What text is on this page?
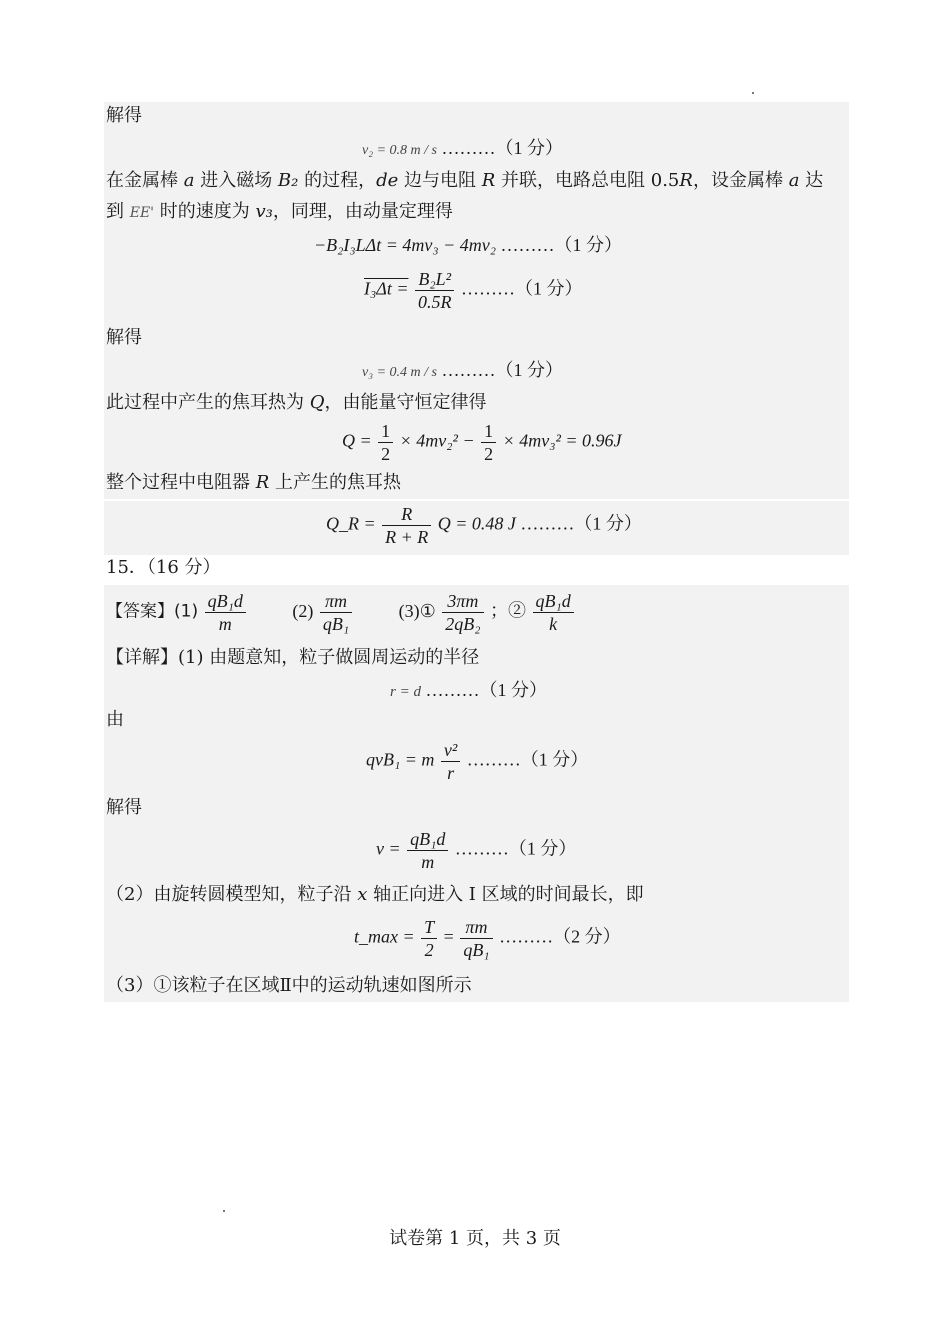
解得
v₂ = 0.8 m / s ………（1 分）
在金属棒 a 进入磁场 B₂ 的过程，de 边与电阻 R 并联，电路总电阻 0.5R，设金属棒 a 达
到 EE' 时的速度为 v₃，同理，由动量定理得
−B₂I₃LΔt = 4mv₃ − 4mv₂ ………（1 分）
$I_3\Delta t = \frac{\text{B₂L²}}{0.5R}$ ………（1 分）
解得
v₃ = 0.4 m / s ………（1 分）
此过程中产生的焦耳热为 Q，由能量守恒定律得
$Q = \frac{1}{2} \times 4mv_2^2 - \frac{1}{2} \times 4mv_3^2 = 0.96J$
整个过程中电阻器 R 上产生的焦耳热
Q_R = $\frac{R}{R + R}$ Q = 0.48 J ………（1 分）
15．（16 分）
【答案】$(1) \frac{\text{qB₁d}}{m}$	$(2) \frac{\pi m}{\text{qB₁}}$	(3)① $\frac{3\pi m}{\text{2qB₂}}$ ；② $\frac{\text{qB₁d}}{k}$
【详解】(1) 由题意知，粒子做圆周运动的半径
r = d ………（1 分）
由
qvB₁ = m $\frac{\text{v²}}{r}$ ………（1 分）
解得
$v = \frac{\text{qB₁d}}{m}$ ………（1 分）
（2）由旋转圆模型知，粒子沿 x 轴正向进入 I 区域的时间最长，即
t_max = $\frac{T}{2} = \frac{\pi m}{\text{qB₁}}$ ………（2 分）
（3）①该粒子在区域Ⅱ中的运动轨速如图所示
试卷第 1 页，共 3 页
